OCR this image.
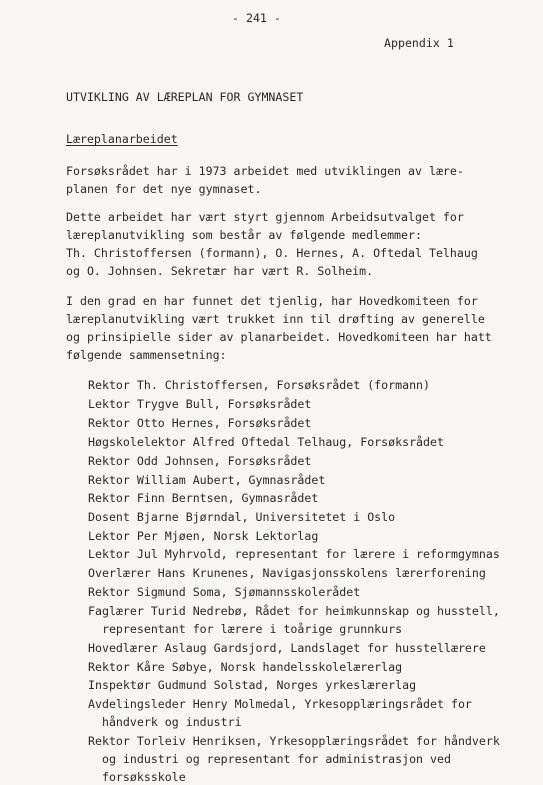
- 241 -
Appendix 1
UTVIKLING AV LÆREPLAN FOR GYMNASET
Læreplanarbeidet
Forsøksrådet har i 1973 arbeidet med utviklingen av lære-
planen for det nye gymnaset.
Dette arbeidet har vært styrt gjennom Arbeidsutvalget for
læreplanutvikling som består av følgende medlemmer:
Th. Christoffersen (formann), O. Hernes, A. Oftedal Telhaug
og O. Johnsen. Sekretær har vært R. Solheim.
I den grad en har funnet det tjenlig, har Hovedkomiteen for
læreplanutvikling vært trukket inn til drøfting av generelle
og prinsipielle sider av planarbeidet. Hovedkomiteen har hatt
følgende sammensetning:
Rektor Th. Christoffersen, Forsøksrådet (formann)
Lektor Trygve Bull, Forsøksrådet
Rektor Otto Hernes, Forsøksrådet
Høgskolelektor Alfred Oftedal Telhaug, Forsøksrådet
Rektor Odd Johnsen, Forsøksrådet
Rektor William Aubert, Gymnasrådet
Rektor Finn Berntsen, Gymnasrådet
Dosent Bjarne Bjørndal, Universitetet i Oslo
Lektor Per Mjøen, Norsk Lektorlag
Lektor Jul Myhrvold, representant for lærere i reformgymnas
Overlærer Hans Krunenes, Navigasjonsskolens lærerforening
Rektor Sigmund Soma, Sjømannsskolerådet
Faglærer Turid Nedrebø, Rådet for heimkunnskap og husstell,
representant for lærere i toårige grunnkurs
Hovedlærer Aslaug Gardsjord, Landslaget for husstellærere
Rektor Kåre Søbye, Norsk handelsskolelærerlag
Inspektør Gudmund Solstad, Norges yrkeslærerlag
Avdelingsleder Henry Molmedal, Yrkesopplæringsrådet for
håndverk og industri
Rektor Torleiv Henriksen, Yrkesopplæringsrådet for håndverk
og industri og representant for administrasjon ved
forsøksskole
